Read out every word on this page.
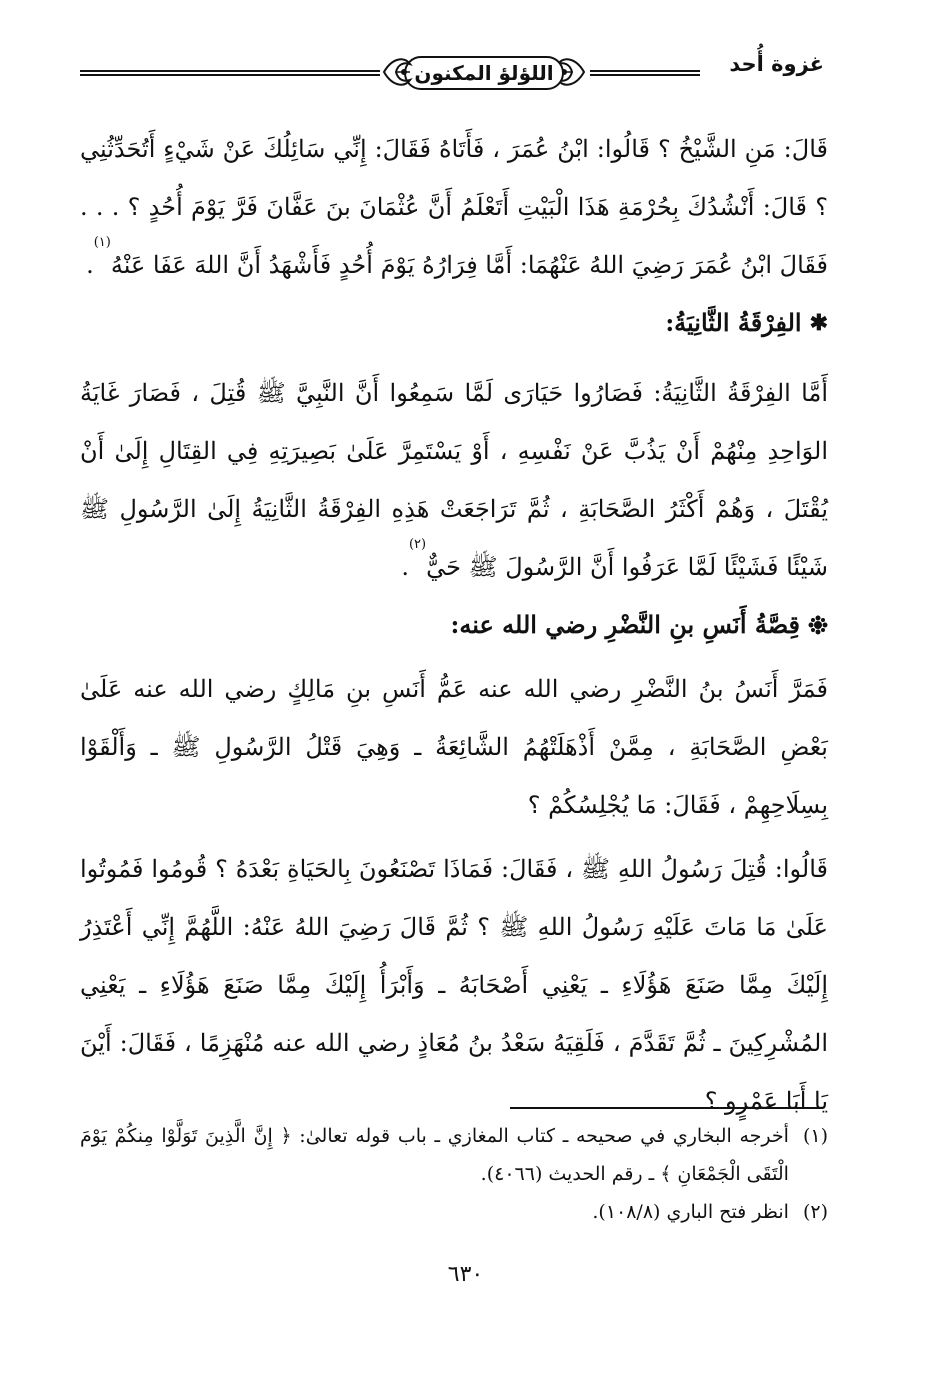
غزوة أُحد
اللؤلؤ المكنون

قَالَ: مَنِ الشَّيْخُ ؟ قَالُوا: ابْنُ عُمَرَ ، فَأَتَاهُ فَقَالَ: إِنِّي سَائِلُكَ عَنْ شَيْءٍ أَتُحَدِّثُنِي ؟ قَالَ: أَنْشُدُكَ بِحُرْمَةِ هَذَا الْبَيْتِ أَتَعْلَمُ أَنَّ عُثْمَانَ بنَ عَفَّانَ فَرَّ يَوْمَ أُحُدٍ ؟ . . . فَقَالَ ابْنُ عُمَرَ رَضِيَ اللهُ عَنْهُمَا: أَمَّا فِرَارُهُ يَوْمَ أُحُدٍ فَأَشْهَدُ أَنَّ اللهَ عَفَا عَنْهُ$^{(١)}$.

✱
الفِرْقَةُ الثَّانِيَةُ:

أَمَّا الفِرْقَةُ الثَّانِيَةُ: فَصَارُوا حَيَارَى لَمَّا سَمِعُوا أَنَّ النَّبِيَّ ﷺ قُتِلَ ، فَصَارَ غَايَةُ الوَاحِدِ مِنْهُمْ أَنْ يَذُبَّ عَنْ نَفْسِهِ ، أَوْ يَسْتَمِرَّ عَلَىٰ بَصِيرَتِهِ فِي القِتَالِ إِلَىٰ أَنْ يُقْتَلَ ، وَهُمْ أَكْثَرُ الصَّحَابَةِ ، ثُمَّ تَرَاجَعَتْ هَذِهِ الفِرْقَةُ الثَّانِيَةُ إِلَىٰ الرَّسُولِ ﷺ شَيْئًا فَشَيْئًا لَمَّا عَرَفُوا أَنَّ الرَّسُولَ ﷺ حَيٌّ$^{(٢)}$.

قِصَّةُ أَنَسِ بنِ النَّضْرِ رضي الله عنه:

فَمَرَّ أَنَسُ بنُ النَّضْرِ رضي الله عنه عَمُّ أَنَسِ بنِ مَالِكٍ رضي الله عنه عَلَىٰ بَعْضِ الصَّحَابَةِ ، مِمَّنْ أَذْهَلَتْهُمُ الشَّائِعَةُ ـ وَهِيَ قَتْلُ الرَّسُولِ ﷺ ـ وَأَلْقَوْا بِسِلَاحِهِمْ ، فَقَالَ: مَا يُجْلِسُكُمْ ؟

قَالُوا: قُتِلَ رَسُولُ اللهِ ﷺ ، فَقَالَ: فَمَاذَا تَصْنَعُونَ بِالحَيَاةِ بَعْدَهُ ؟ قُومُوا فَمُوتُوا عَلَىٰ مَا مَاتَ عَلَيْهِ رَسُولُ اللهِ ﷺ ؟ ثُمَّ قَالَ رَضِيَ اللهُ عَنْهُ: اللَّهُمَّ إِنِّي أَعْتَذِرُ إِلَيْكَ مِمَّا صَنَعَ هَؤُلَاءِ ـ يَعْنِي أَصْحَابَهُ ـ وَأَبْرَأُ إِلَيْكَ مِمَّا صَنَعَ هَؤُلَاءِ ـ يَعْنِي المُشْرِكِينَ ـ ثُمَّ تَقَدَّمَ ، فَلَقِيَهُ سَعْدُ بنُ مُعَاذٍ رضي الله عنه مُنْهَزِمًا ، فَقَالَ: أَيْنَ يَا أَبَا عَمْرٍو ؟

(١)
أخرجه البخاري في صحيحه ـ كتاب المغازي ـ باب قوله تعالىٰ: ﴿ إِنَّ الَّذِينَ تَوَلَّوْا مِنكُمْ يَوْمَ الْتَقَى الْجَمْعَانِ ﴾ ـ رقم الحديث (٤٠٦٦).

(٢)
انظر فتح الباري (١٠٨/٨).

٦٣٠
